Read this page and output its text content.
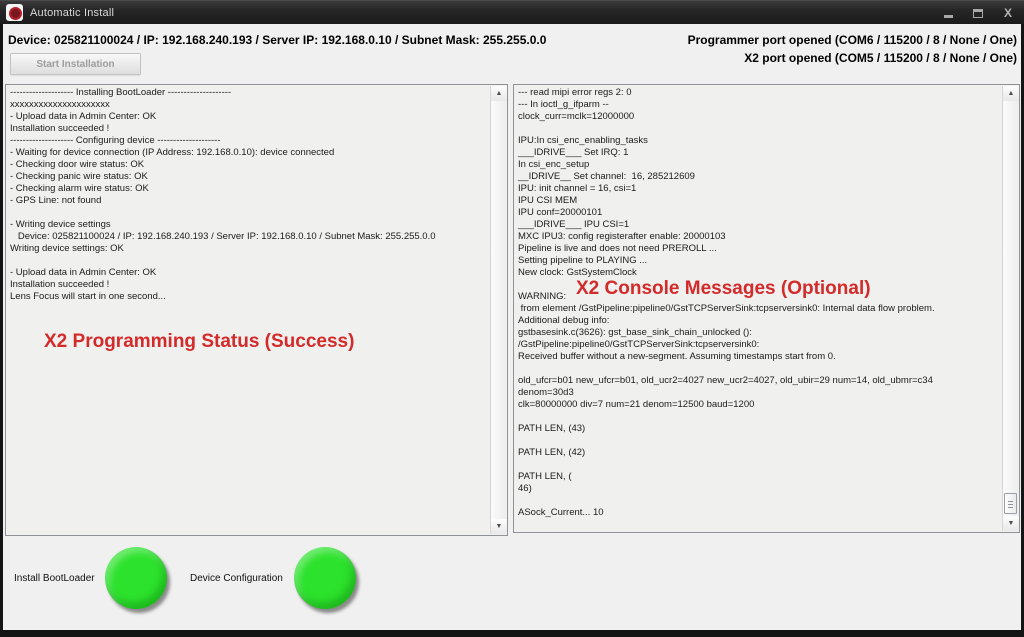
Automatic Install	X
Device: 025821100024 / IP: 192.168.240.193 / Server IP: 192.168.0.10 / Subnet Mask: 255.255.0.0	Programmer port opened (COM6 / 115200 / 8 / None / One)
X2 port opened (COM5 / 115200 / 8 / None / One)
Start Installation
-------------------- Installing BootLoader --------------------
xxxxxxxxxxxxxxxxxxxxx
- Upload data in Admin Center: OK
Installation succeeded !
-------------------- Configuring device --------------------
- Waiting for device connection (IP Address: 192.168.0.10): device connected
- Checking door wire status: OK
- Checking panic wire status: OK
- Checking alarm wire status: OK
- GPS Line: not found

- Writing device settings
Device: 025821100024 / IP: 192.168.240.193 / Server IP: 192.168.0.10 / Subnet Mask: 255.255.0.0
Writing device settings: OK

- Upload data in Admin Center: OK
Installation succeeded !
Lens Focus will start in one second...
X2 Programming Status (Success)
▲
▼
--- read mipi error regs 2: 0
--- In ioctl_g_ifparm --
clock_curr=mclk=12000000

IPU:In csi_enc_enabling_tasks
___IDRIVE___ Set IRQ: 1
In csi_enc_setup
__IDRIVE__ Set channel:  16, 285212609
IPU: init channel = 16, csi=1
IPU CSI MEM
IPU conf=20000101
___IDRIVE___ IPU CSI=1
MXC IPU3: config registerafter enable: 20000103
Pipeline is live and does not need PREROLL ...
Setting pipeline to PLAYING ...
New clock: GstSystemClock

WARNING:
from element /GstPipeline:pipeline0/GstTCPServerSink:tcpserversink0: Internal data flow problem.
Additional debug info:
gstbasesink.c(3626): gst_base_sink_chain_unlocked ():
/GstPipeline:pipeline0/GstTCPServerSink:tcpserversink0:
Received buffer without a new-segment. Assuming timestamps start from 0.

old_ufcr=b01 new_ufcr=b01, old_ucr2=4027 new_ucr2=4027, old_ubir=29 num=14, old_ubmr=c34
denom=30d3
clk=80000000 div=7 num=21 denom=12500 baud=1200

PATH LEN, (43)

PATH LEN, (42)

PATH LEN, (
46)

ASock_Current... 10
X2 Console Messages (Optional)
▲
▼
Install BootLoader	Device Configuration
